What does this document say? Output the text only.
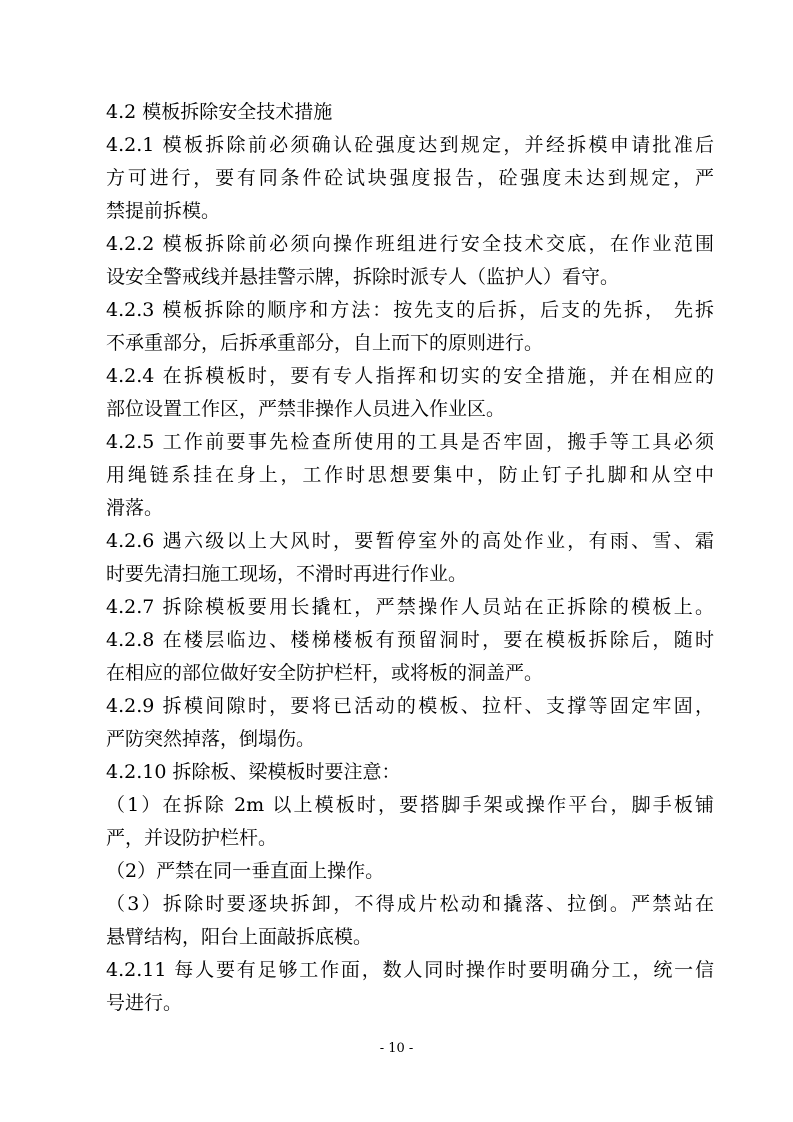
4.2 模板拆除安全技术措施
4.2.1 模板拆除前必须确认砼强度达到规定，并经拆模申请批准后
方可进行，要有同条件砼试块强度报告，砼强度未达到规定，严
禁提前拆模。
4.2.2 模板拆除前必须向操作班组进行安全技术交底，在作业范围
设安全警戒线并悬挂警示牌，拆除时派专人（监护人）看守。
4.2.3 模板拆除的顺序和方法：按先支的后拆，后支的先拆， 先拆
不承重部分，后拆承重部分，自上而下的原则进行。
4.2.4 在拆模板时，要有专人指挥和切实的安全措施，并在相应的
部位设置工作区，严禁非操作人员进入作业区。
4.2.5 工作前要事先检查所使用的工具是否牢固，搬手等工具必须
用绳链系挂在身上，工作时思想要集中，防止钉子扎脚和从空中
滑落。
4.2.6 遇六级以上大风时，要暂停室外的高处作业，有雨、雪、霜
时要先清扫施工现场，不滑时再进行作业。
4.2.7 拆除模板要用长撬杠，严禁操作人员站在正拆除的模板上。
4.2.8 在楼层临边、楼梯楼板有预留洞时，要在模板拆除后，随时
在相应的部位做好安全防护栏杆，或将板的洞盖严。
4.2.9 拆模间隙时，要将已活动的模板、拉杆、支撑等固定牢固，
严防突然掉落，倒塌伤。
4.2.10 拆除板、梁模板时要注意：
（1）在拆除 2m 以上模板时，要搭脚手架或操作平台，脚手板铺
严，并设防护栏杆。
（2）严禁在同一垂直面上操作。
（3）拆除时要逐块拆卸，不得成片松动和撬落、拉倒。严禁站在
悬臂结构，阳台上面敲拆底模。
4.2.11 每人要有足够工作面，数人同时操作时要明确分工，统一信
号进行。
- 10 -
